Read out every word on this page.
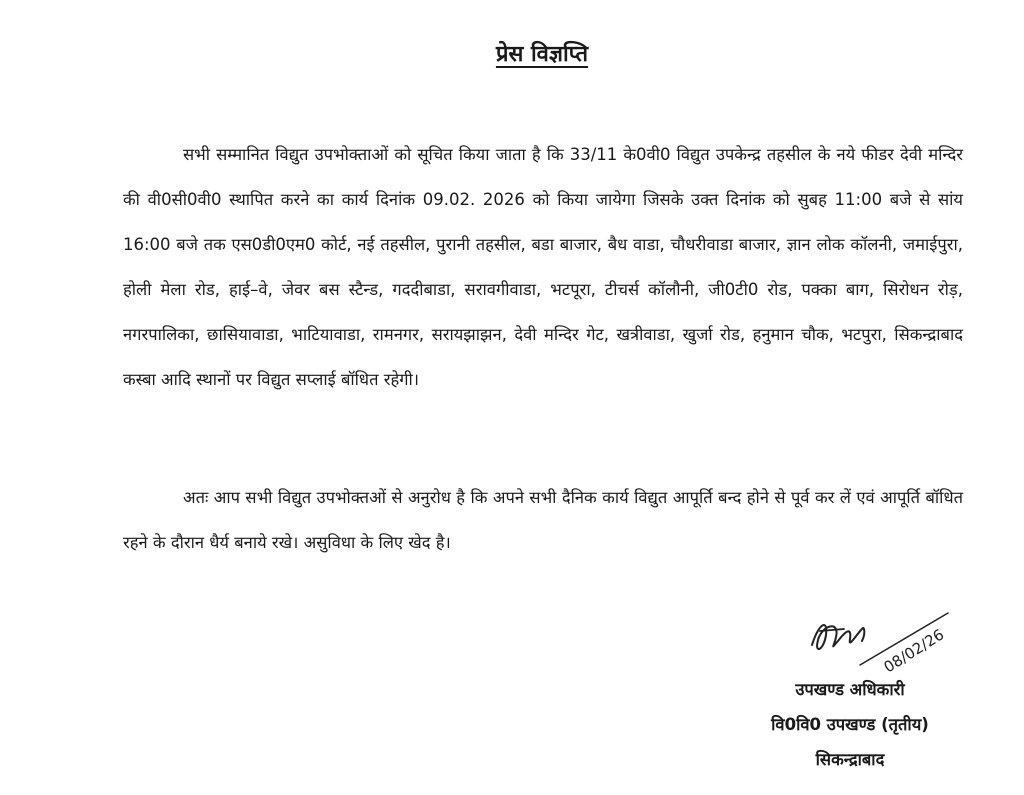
प्रेस विज्ञप्ति

सभी सम्मानित विद्युत उपभोक्ताओं को सूचित किया जाता है कि 33/11 के0वी0 विद्युत उपकेन्द्र तहसील के नये फीडर देवी मन्दिर की वी0सी0वी0 स्थापित करने का कार्य दिनांक 09.02. 2026 को किया जायेगा जिसके उक्त दिनांक को सुबह 11:00 बजे से सांय 16:00 बजे तक एस0डी0एम0 कोर्ट, नई तहसील, पुरानी तहसील, बडा बाजार, बैध वाडा, चौधरीवाडा बाजार, ज्ञान लोक कॉलनी, जमाईपुरा, होली मेला रोड, हाई–वे, जेवर बस स्टैन्ड, गददीबाडा, सरावगीवाडा, भटपूरा, टीचर्स कॉलौनी, जी0टी0 रोड, पक्का बाग, सिरोधन रोड़, नगरपालिका, छासियावाडा, भाटियावाडा, रामनगर, सरायझाझन, देवी मन्दिर गेट, खत्रीवाडा, खुर्जा रोड, हनुमान चौक, भटपुरा, सिकन्द्राबाद कस्बा आदि स्थानों पर विद्युत सप्लाई बॉधित रहेगी।

अतः आप सभी विद्युत उपभोक्तओं से अनुरोध है कि अपने सभी दैनिक कार्य विद्युत आपूर्ति बन्द होने से पूर्व कर लें एवं आपूर्ति बॉधित रहने के दौरान धैर्य बनाये रखे। असुविधा के लिए खेद है।

08/02/26
उपखण्ड अधिकारी
वि0वि0 उपखण्ड (तृतीय)
सिकन्द्राबाद
